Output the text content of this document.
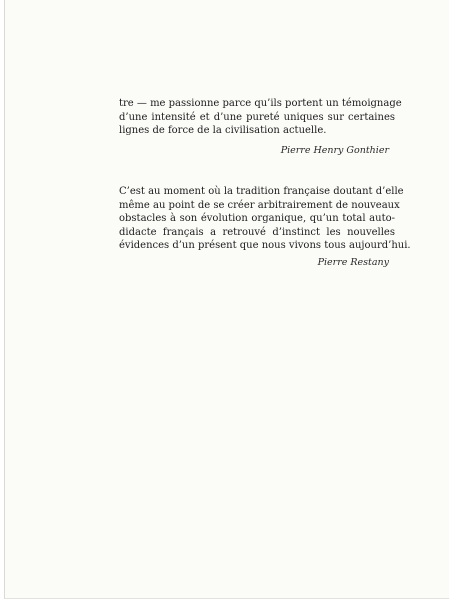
tre — me passionne parce qu’ils portent un témoignage
d’une intensité et d’une pureté uniques sur certaines
lignes de force de la civilisation actuelle.
Pierre Henry Gonthier
C’est au moment où la tradition française doutant d’elle
même au point de se créer arbitrairement de nouveaux
obstacles à son évolution organique, qu’un total auto-
didacte français a retrouvé d’instinct les nouvelles
évidences d’un présent que nous vivons tous aujourd’hui.
Pierre Restany
